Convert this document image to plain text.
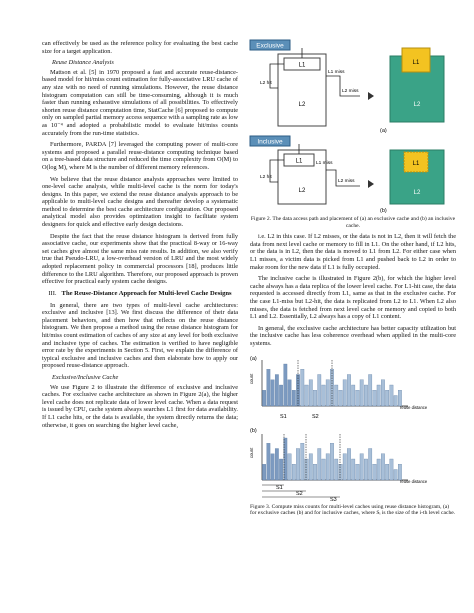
can effectively be used as the reference policy for evaluating the best cache size for a target application.

Reuse Distance Analysis

Mattson et al. [5] in 1970 proposed a fast and accurate reuse-distance-based model for hit/miss count estimation for fully-associative LRU cache of any size with no need of running simulations. However, the reuse distance histogram computation can still be time-consuming, although it is much faster than running exhaustive simulations of all possibilities. To effectively shorten reuse distance computation time, StatCache [6] proposed to compute only on sampled partial memory access sequence with a sampling rate as low as 10⁻⁴ and adopted a probabilistic model to evaluate hit/miss counts accurately from the run-time statistics.

Furthermore, PARDA [7] leveraged the computing power of multi-core systems and proposed a parallel reuse-distance computing technique based on a tree-based data structure and reduced the time complexity from O(M) to O(log M), where M is the number of different memory references.

We believe that the reuse distance analysis approaches were limited to one-level cache analysis, while multi-level cache is the norm for today's designs. In this paper, we extend the reuse distance analysis approach to be applicable to multi-level cache designs and thereafter develop a systematic method to determine the best cache architecture configuration. Our proposed analytical model also provides optimization insight to facilitate system designers for quick and effective early design decisions.

Despite the fact that the reuse distance histogram is derived from fully associative cache, our experiments show that the practical 8-way or 16-way set caches give almost the same miss rate results. In addition, we also verify true that Pseudo-LRU, a low-overhead version of LRU and the most widely adopted replacement policy in commercial processors [18], produces little difference to the LRU algorithm. Therefore, our proposed approach is proven effective for practical early system cache designs.

III. The Reuse-Distance Approach for Multi-level Cache Designs

In general, there are two types of multi-level cache architectures: exclusive and inclusive [13]. We first discuss the difference of their data placement behaviors, and then how that reflects on the reuse distance histogram. We then propose a method using the reuse distance histogram for hit/miss count estimation of caches of any size at any level for both exclusive and inclusive type of caches. The estimation is verified to have negligible error rate by the experiments in Section 5. First, we explain the difference of typical exclusive and inclusive caches and then elaborate how to apply our proposed reuse-distance approach.

Exclusive/Inclusive Cache

We use Figure 2 to illustrate the difference of exclusive and inclusive caches. For exclusive cache architecture as shown in Figure 2(a), the higher level cache does not replicate data of lower level cache. When a data request is issued by CPU, cache system always searches L1 first for data availability. If L1 cache hits, or the data is available, the system directly returns the data; otherwise, it goes on searching the higher level cache,

Exclusive
L1
L2
L1 miss
L2 hit
L2 miss
L1
L2
(a)
Inclusive
L1
L2
L1 miss
L2 hit
L2 miss
L1
L2
(b)
Figure 2. The data access path and placement of (a) an exclusive cache and (b) an inclusive cache.

i.e. L2 in this case. If L2 misses, or the data is not in L2, then it will fetch the data from next level cache or memory to fill in L1. On the other hand, if L2 hits, or the data is in L2, then the data is moved to L1 from L2. For either case when L1 misses, a victim data is picked from L1 and pushed back to L2 in order to make room for the new data if L1 is fully occupied.

The inclusive cache is illustrated in Figure 2(b), for which the higher level cache always has a data replica of the lower level cache. For L1-hit case, the data requested is accessed directly from L1, same as that in the exclusive cache. For the case L1-miss but L2-hit, the data is replicated from L2 to L1. When L2 also misses, the data is fetched from next level cache or memory and copied to both L1 and L2. Essentially, L2 always has a copy of L1 content.

In general, the exclusive cache architecture has better capacity utilization but the inclusive cache has less coherence overhead when applied in the multi-core systems.

(a)
(b)
reuse distance
count
S1	S2
reuse distance
count
S1
S2
S3
Figure 3. Compute miss counts for multi-level caches using reuse distance histogram, (a) for exclusive caches (b) and for inclusive caches, where Sᵢ is the size of the i-th level cache.
